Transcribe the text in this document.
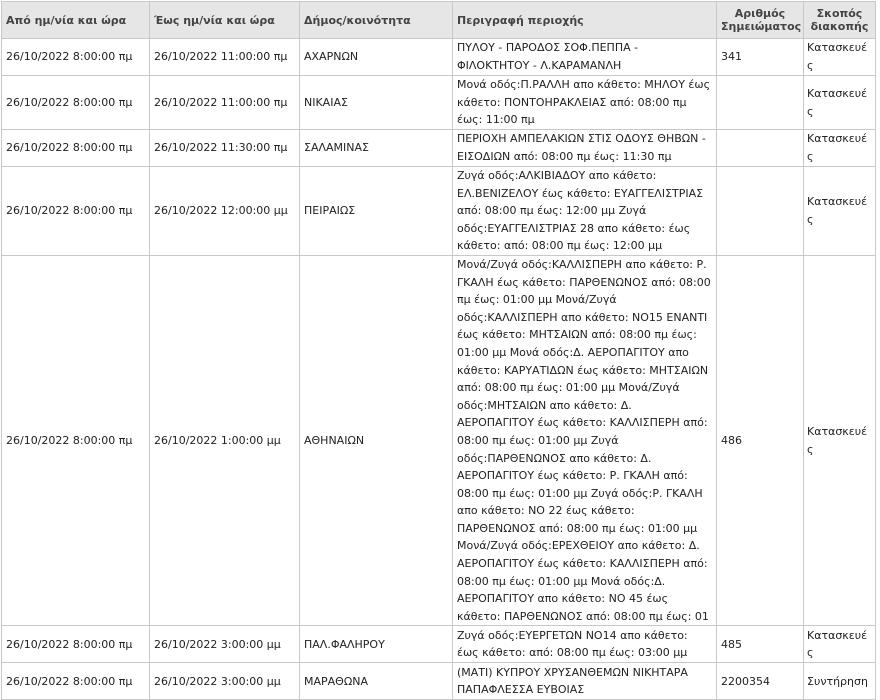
Από ημ/νία και ώρα	Έως ημ/νία και ώρα	Δήμος/κοινότητα	Περιγραφή περιοχής	Αριθμός Σημειώματος	Σκοπός διακοπής
26/10/2022 8:00:00 πμ	26/10/2022 11:00:00 πμ	ΑΧΑΡΝΩΝ	ΠΥΛΟΥ - ΠΑΡΟΔΟΣ ΣΟΦ.ΠΕΠΠΑ - ΦΙΛΟΚΤΗΤΟΥ - Λ.ΚΑΡΑΜΑΝΛΗ	341	Κατασκευές
26/10/2022 8:00:00 πμ	26/10/2022 11:00:00 πμ	ΝΙΚΑΙΑΣ	Μονά οδός:Π.ΡΑΛΛΗ απο κάθετο: ΜΗΛΟΥ έως κάθετο: ΠΟΝΤΟΗΡΑΚΛΕΙΑΣ από: 08:00 πμ έως: 11:00 πμ		Κατασκευές
26/10/2022 8:00:00 πμ	26/10/2022 11:30:00 πμ	ΣΑΛΑΜΙΝΑΣ	ΠΕΡΙΟΧΗ ΑΜΠΕΛΑΚΙΩΝ ΣΤΙΣ ΟΔΟΥΣ ΘΗΒΩΝ - ΕΙΣΟΔΙΩΝ από: 08:00 πμ έως: 11:30 πμ		Κατασκευές
26/10/2022 8:00:00 πμ	26/10/2022 12:00:00 μμ	ΠΕΙΡΑΙΩΣ	Ζυγά οδός:ΑΛΚΙΒΙΑΔΟΥ απο κάθετο: ΕΛ.ΒΕΝΙΖΕΛΟΥ έως κάθετο: ΕΥΑΓΓΕΛΙΣΤΡΙΑΣ από: 08:00 πμ έως: 12:00 μμ Ζυγά οδός:ΕΥΑΓΓΕΛΙΣΤΡΙΑΣ 28 απο κάθετο: έως κάθετο: από: 08:00 πμ έως: 12:00 μμ		Κατασκευές
26/10/2022 8:00:00 πμ	26/10/2022 1:00:00 μμ	ΑΘΗΝΑΙΩΝ	Μονά/Ζυγά οδός:ΚΑΛΛΙΣΠΕΡΗ απο κάθετο: Ρ. ΓΚΑΛΗ έως κάθετο: ΠΑΡΘΕΝΩΝΟΣ από: 08:00 πμ έως: 01:00 μμ Μονά/Ζυγά οδός:ΚΑΛΛΙΣΠΕΡΗ απο κάθετο: ΝΟ15 ΕΝΑΝΤΙ έως κάθετο: ΜΗΤΣΑΙΩΝ από: 08:00 πμ έως: 01:00 μμ Μονά οδός:Δ. ΑΕΡΟΠΑΓΙΤΟΥ απο κάθετο: ΚΑΡΥΑΤΙΔΩΝ έως κάθετο: ΜΗΤΣΑΙΩΝ από: 08:00 πμ έως: 01:00 μμ Μονά/Ζυγά οδός:ΜΗΤΣΑΙΩΝ απο κάθετο: Δ. ΑΕΡΟΠΑΓΙΤΟΥ έως κάθετο: ΚΑΛΛΙΣΠΕΡΗ από: 08:00 πμ έως: 01:00 μμ Ζυγά οδός:ΠΑΡΘΕΝΩΝΟΣ απο κάθετο: Δ. ΑΕΡΟΠΑΓΙΤΟΥ έως κάθετο: Ρ. ΓΚΑΛΗ από: 08:00 πμ έως: 01:00 μμ Ζυγά οδός:Ρ. ΓΚΑΛΗ απο κάθετο: ΝΟ 22 έως κάθετο: ΠΑΡΘΕΝΩΝΟΣ από: 08:00 πμ έως: 01:00 μμ Μονά/Ζυγά οδός:ΕΡΕΧΘΕΙΟΥ απο κάθετο: Δ. ΑΕΡΟΠΑΓΙΤΟΥ έως κάθετο: ΚΑΛΛΙΣΠΕΡΗ από: 08:00 πμ έως: 01:00 μμ Μονά οδός:Δ. ΑΕΡΟΠΑΓΙΤΟΥ απο κάθετο: ΝΟ 45 έως κάθετο: ΠΑΡΘΕΝΩΝΟΣ από: 08:00 πμ έως: 01	486	Κατασκευές
26/10/2022 8:00:00 πμ	26/10/2022 3:00:00 μμ	ΠΑΛ.ΦΑΛΗΡΟΥ	Ζυγά οδός:ΕΥΕΡΓΕΤΩΝ ΝΟ14 απο κάθετο: έως κάθετο: από: 08:00 πμ έως: 03:00 μμ	485	Κατασκευές
26/10/2022 8:00:00 πμ	26/10/2022 3:00:00 μμ	ΜΑΡΑΘΩΝΑ	(ΜΑΤΙ) ΚΥΠΡΟΥ ΧΡΥΣΑΝΘΕΜΩΝ ΝΙΚΗΤΑΡΑ ΠΑΠΑΦΛΕΣΣΑ ΕΥΒΟΙΑΣ	2200354	Συντήρηση
